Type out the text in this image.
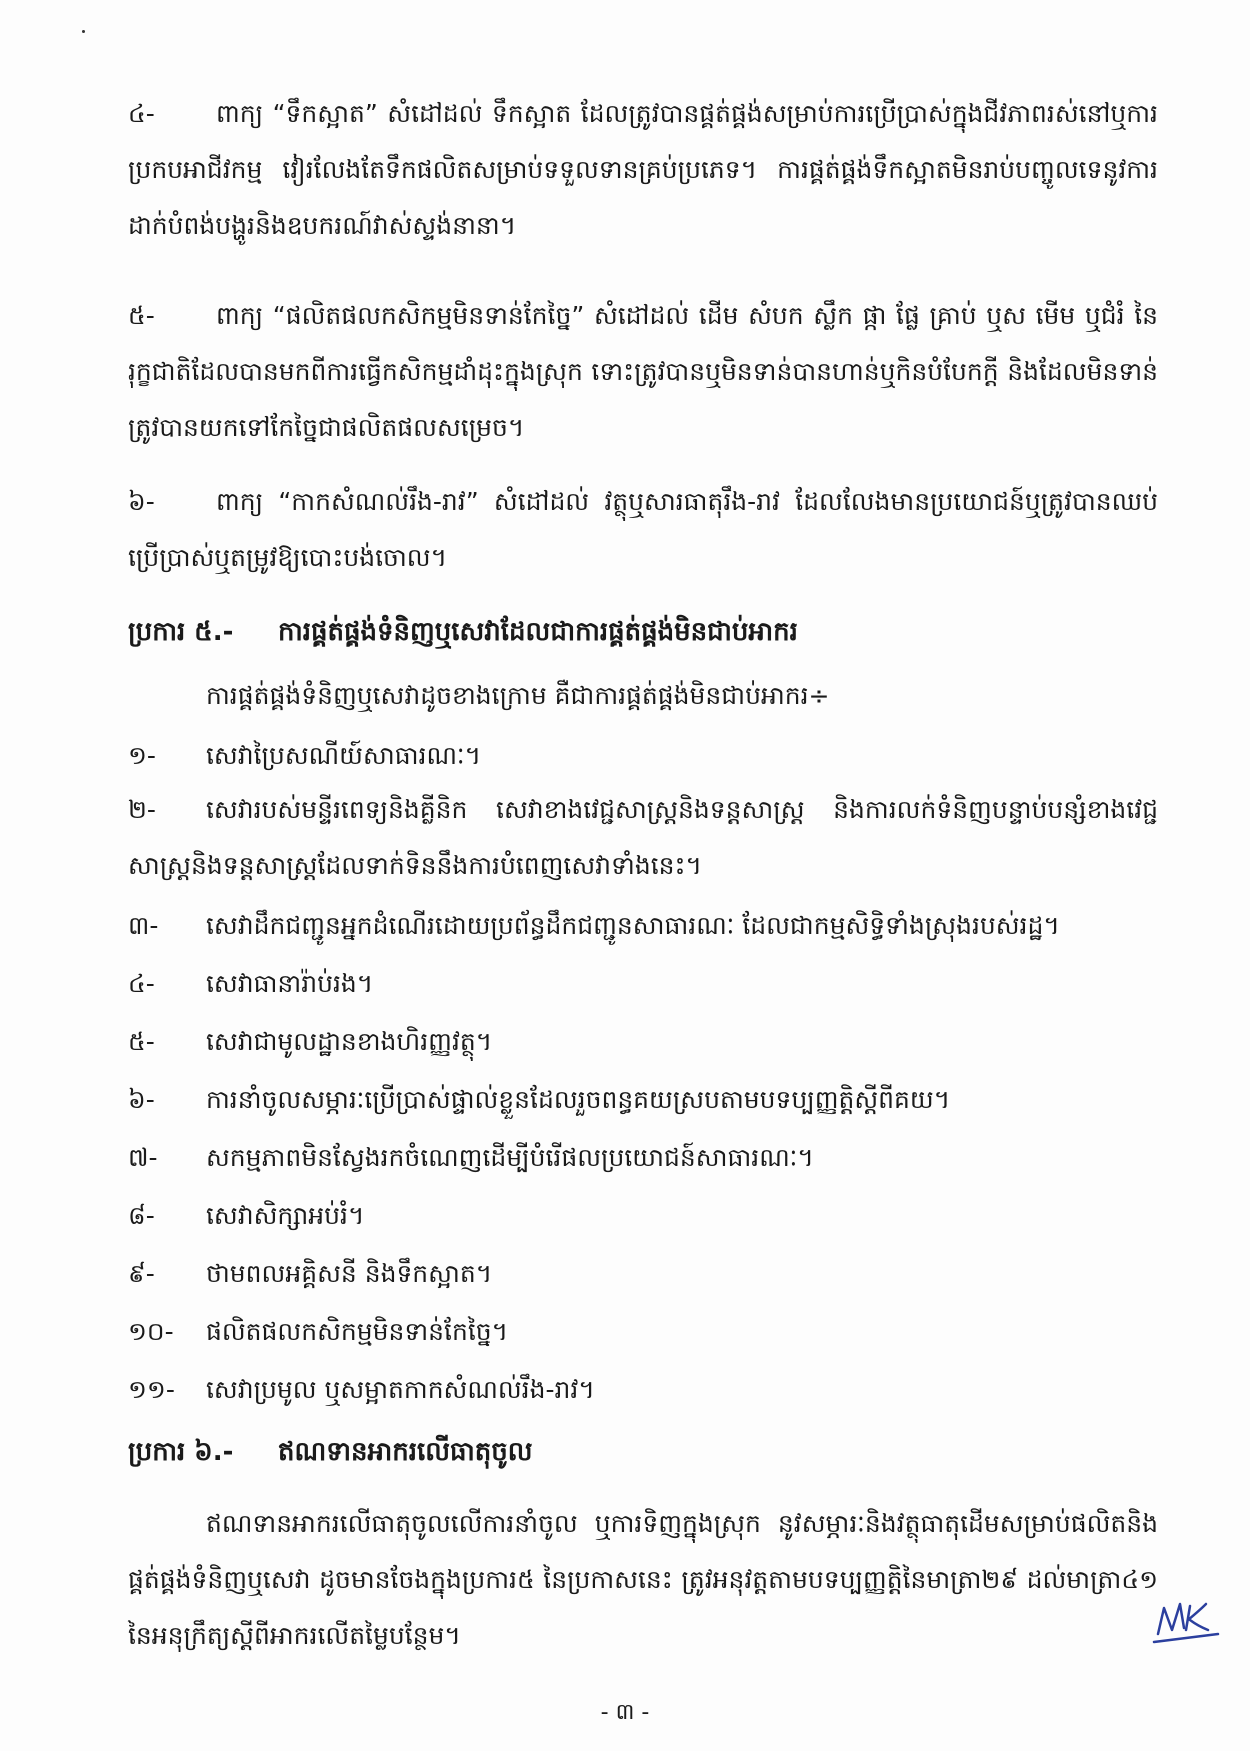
៤- ពាក្យ “ទឹកស្អាត” សំដៅដល់ ទឹកស្អាត ដែលត្រូវបានផ្គត់ផ្គង់សម្រាប់ការប្រើប្រាស់ក្នុងជីវភាពរស់នៅឬការប្រកបអាជីវកម្ម វៀរលែងតែទឹកផលិតសម្រាប់ទទួលទានគ្រប់ប្រភេទ។ ការផ្គត់ផ្គង់ទឹកស្អាតមិនរាប់បញ្ចូលទេនូវការដាក់បំពង់បង្ហូរនិងឧបករណ៍វាស់ស្ទង់នានា។
៥- ពាក្យ “ផលិតផលកសិកម្មមិនទាន់កែច្នៃ” សំដៅដល់ ដើម សំបក ស្លឹក ផ្កា ផ្លែ គ្រាប់ ឬស មើម ឬជំរំ នៃរុក្ខជាតិដែលបានមកពីការធ្វើកសិកម្មដាំដុះក្នុងស្រុក ទោះត្រូវបានឬមិនទាន់បានហាន់ឬកិនបំបែកក្តី និងដែលមិនទាន់ត្រូវបានយកទៅកែច្នៃជាផលិតផលសម្រេច។
៦- ពាក្យ “កាកសំណល់រឹង-រាវ” សំដៅដល់ វត្ថុឬសារធាតុរឹង-រាវ ដែលលែងមានប្រយោជន៍ឬត្រូវបានឈប់ប្រើប្រាស់ឬតម្រូវឱ្យបោះបង់ចោល។
ប្រការ ៥.- ការផ្គត់ផ្គង់ទំនិញឬសេវាដែលជាការផ្គត់ផ្គង់មិនជាប់អាករ
ការផ្គត់ផ្គង់ទំនិញឬសេវាដូចខាងក្រោម គឺជាការផ្គត់ផ្គង់មិនជាប់អាករ÷
១- សេវាប្រៃសណីយ៍សាធារណៈ។
២- សេវារបស់មន្ទីរពេទ្យនិងគ្លីនិក សេវាខាងវេជ្ជសាស្ត្រនិងទន្តសាស្ត្រ និងការលក់ទំនិញបន្ទាប់បន្សំខាងវេជ្ជសាស្ត្រនិងទន្តសាស្ត្រដែលទាក់ទិននឹងការបំពេញសេវាទាំងនេះ។
៣- សេវាដឹកជញ្ជូនអ្នកដំណើរដោយប្រព័ន្ធដឹកជញ្ជូនសាធារណៈ ដែលជាកម្មសិទ្ធិទាំងស្រុងរបស់រដ្ឋ។
៤- សេវាធានារ៉ាប់រង។
៥- សេវាជាមូលដ្ឋានខាងហិរញ្ញវត្ថុ។
៦- ការនាំចូលសម្ភារៈប្រើប្រាស់ផ្ទាល់ខ្លួនដែលរួចពន្ធគយស្របតាមបទប្បញ្ញត្តិស្តីពីគយ។
៧- សកម្មភាពមិនស្វែងរកចំណេញដើម្បីបំរើផលប្រយោជន៍សាធារណៈ។
៨- សេវាសិក្សាអប់រំ។
៩- ថាមពលអគ្គិសនី និងទឹកស្អាត។
១០- ផលិតផលកសិកម្មមិនទាន់កែច្នៃ។
១១- សេវាប្រមូល ឬសម្អាតកាកសំណល់រឹង-រាវ។
ប្រការ ៦.- ឥណទានអាករលើធាតុចូល
ឥណទានអាករលើធាតុចូលលើការនាំចូល ឬការទិញក្នុងស្រុក នូវសម្ភារៈនិងវត្ថុធាតុដើមសម្រាប់ផលិតនិងផ្គត់ផ្គង់ទំនិញឬសេវា ដូចមានចែងក្នុងប្រការ៥ នៃប្រកាសនេះ ត្រូវអនុវត្តតាមបទប្បញ្ញត្តិនៃមាត្រា២៩ ដល់មាត្រា៤១ នៃអនុក្រឹត្យស្តីពីអាករលើតម្លៃបន្ថែម។
- ៣ -
